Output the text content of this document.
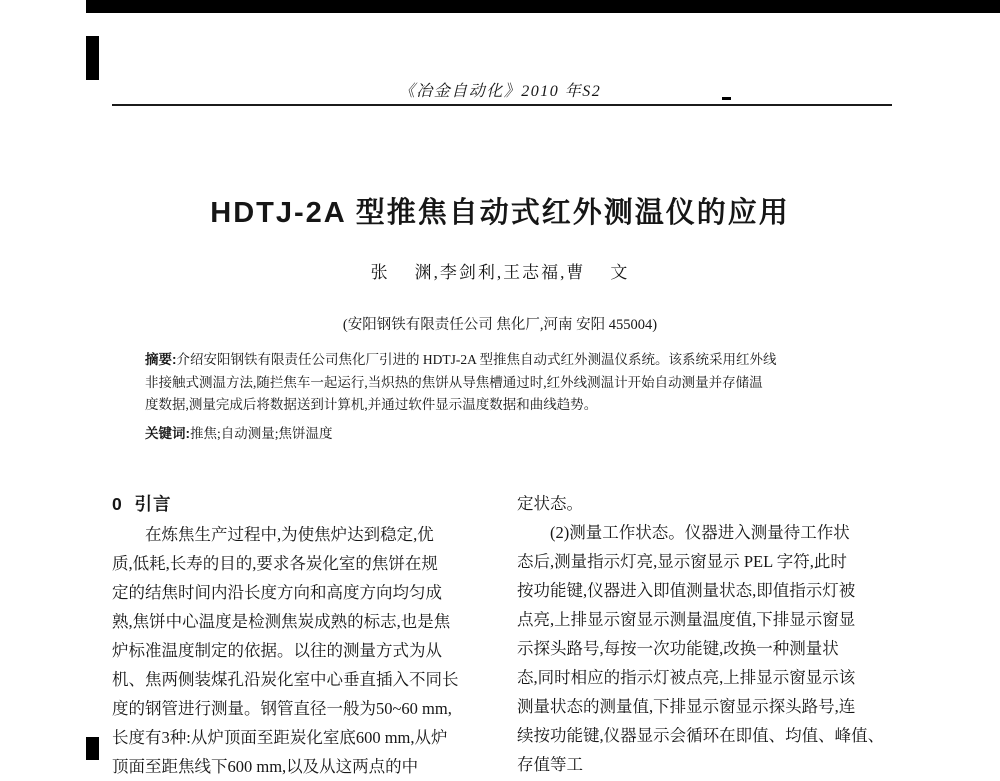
《冶金自动化》2010 年S2
HDTJ-2A 型推焦自动式红外测温仪的应用
张    渊,李剑利,王志福,曹    文
(安阳钢铁有限责任公司 焦化厂,河南 安阳 455004)
摘要:介绍安阳钢铁有限责任公司焦化厂引进的 HDTJ-2A 型推焦自动式红外测温仪系统。该系统采用红外线
非接触式测温方法,随拦焦车一起运行,当炽热的焦饼从导焦槽通过时,红外线测温计开始自动测量并存储温
度数据,测量完成后将数据送到计算机,并通过软件显示温度数据和曲线趋势。
关键词:推焦;自动测量;焦饼温度
0  引言
在炼焦生产过程中,为使焦炉达到稳定,优
质,低耗,长寿的目的,要求各炭化室的焦饼在规
定的结焦时间内沿长度方向和高度方向均匀成
熟,焦饼中心温度是检测焦炭成熟的标志,也是焦
炉标准温度制定的依据。以往的测量方式为从
机、焦两侧装煤孔沿炭化室中心垂直插入不同长
度的钢管进行测量。钢管直径一般为50~60 mm,
长度有3种:从炉顶面至距炭化室底600 mm,从炉
顶面至距焦线下600 mm,以及从这两点的中
定状态。
(2)测量工作状态。仪器进入测量待工作状
态后,测量指示灯亮,显示窗显示 PEL 字符,此时
按功能键,仪器进入即值测量状态,即值指示灯被
点亮,上排显示窗显示测量温度值,下排显示窗显
示探头路号,每按一次功能键,改换一种测量状
态,同时相应的指示灯被点亮,上排显示窗显示该
测量状态的测量值,下排显示窗显示探头路号,连
续按功能键,仪器显示会循环在即值、均值、峰值、
存值等工
